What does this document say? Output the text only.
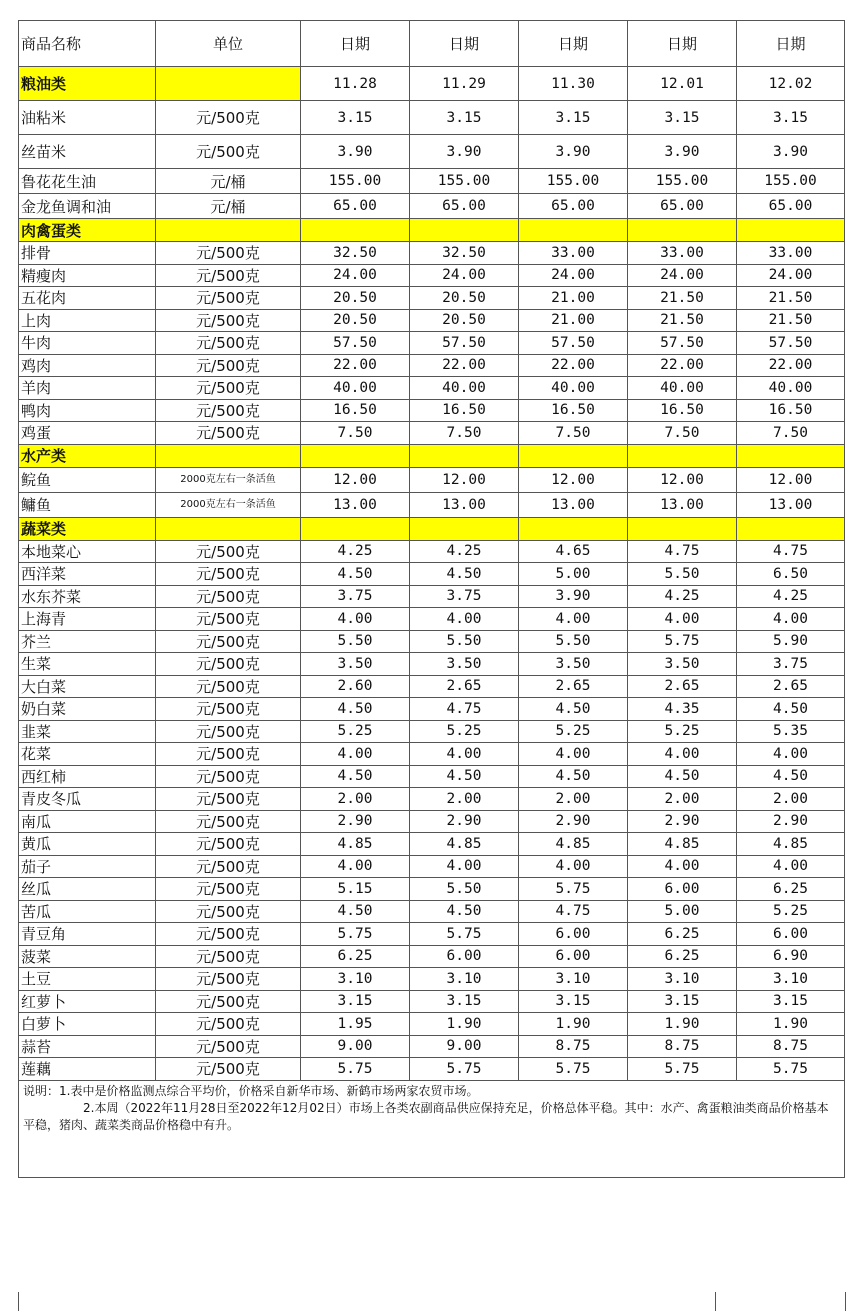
商品名称	单位	日期	日期	日期	日期	日期
粮油类		11.28	11.29	11.30	12.01	12.02
油粘米	元/500克	3.15	3.15	3.15	3.15	3.15
丝苗米	元/500克	3.90	3.90	3.90	3.90	3.90
鲁花花生油	元/桶	155.00	155.00	155.00	155.00	155.00
金龙鱼调和油	元/桶	65.00	65.00	65.00	65.00	65.00
肉禽蛋类						
排骨	元/500克	32.50	32.50	33.00	33.00	33.00
精瘦肉	元/500克	24.00	24.00	24.00	24.00	24.00
五花肉	元/500克	20.50	20.50	21.00	21.50	21.50
上肉	元/500克	20.50	20.50	21.00	21.50	21.50
牛肉	元/500克	57.50	57.50	57.50	57.50	57.50
鸡肉	元/500克	22.00	22.00	22.00	22.00	22.00
羊肉	元/500克	40.00	40.00	40.00	40.00	40.00
鸭肉	元/500克	16.50	16.50	16.50	16.50	16.50
鸡蛋	元/500克	7.50	7.50	7.50	7.50	7.50
水产类						
鲩鱼	2000克左右一条活鱼	12.00	12.00	12.00	12.00	12.00
鳙鱼	2000克左右一条活鱼	13.00	13.00	13.00	13.00	13.00
蔬菜类						
本地菜心	元/500克	4.25	4.25	4.65	4.75	4.75
西洋菜	元/500克	4.50	4.50	5.00	5.50	6.50
水东芥菜	元/500克	3.75	3.75	3.90	4.25	4.25
上海青	元/500克	4.00	4.00	4.00	4.00	4.00
芥兰	元/500克	5.50	5.50	5.50	5.75	5.90
生菜	元/500克	3.50	3.50	3.50	3.50	3.75
大白菜	元/500克	2.60	2.65	2.65	2.65	2.65
奶白菜	元/500克	4.50	4.75	4.50	4.35	4.50
韭菜	元/500克	5.25	5.25	5.25	5.25	5.35
花菜	元/500克	4.00	4.00	4.00	4.00	4.00
西红柿	元/500克	4.50	4.50	4.50	4.50	4.50
青皮冬瓜	元/500克	2.00	2.00	2.00	2.00	2.00
南瓜	元/500克	2.90	2.90	2.90	2.90	2.90
黄瓜	元/500克	4.85	4.85	4.85	4.85	4.85
茄子	元/500克	4.00	4.00	4.00	4.00	4.00
丝瓜	元/500克	5.15	5.50	5.75	6.00	6.25
苦瓜	元/500克	4.50	4.50	4.75	5.00	5.25
青豆角	元/500克	5.75	5.75	6.00	6.25	6.00
菠菜	元/500克	6.25	6.00	6.00	6.25	6.90
土豆	元/500克	3.10	3.10	3.10	3.10	3.10
红萝卜	元/500克	3.15	3.15	3.15	3.15	3.15
白萝卜	元/500克	1.95	1.90	1.90	1.90	1.90
蒜苔	元/500克	9.00	9.00	8.75	8.75	8.75
莲藕	元/500克	5.75	5.75	5.75	5.75	5.75

说明：1.表中是价格监测点综合平均价，价格采自新华市场、新鹤市场两家农贸市场。
2.本周（2022年11月28日至2022年12月02日）市场上各类农副商品供应保持充足，价格总体平稳。其中：水产、禽蛋粮油类商品价格基本平稳，猪肉、蔬菜类商品价格稳中有升。						
